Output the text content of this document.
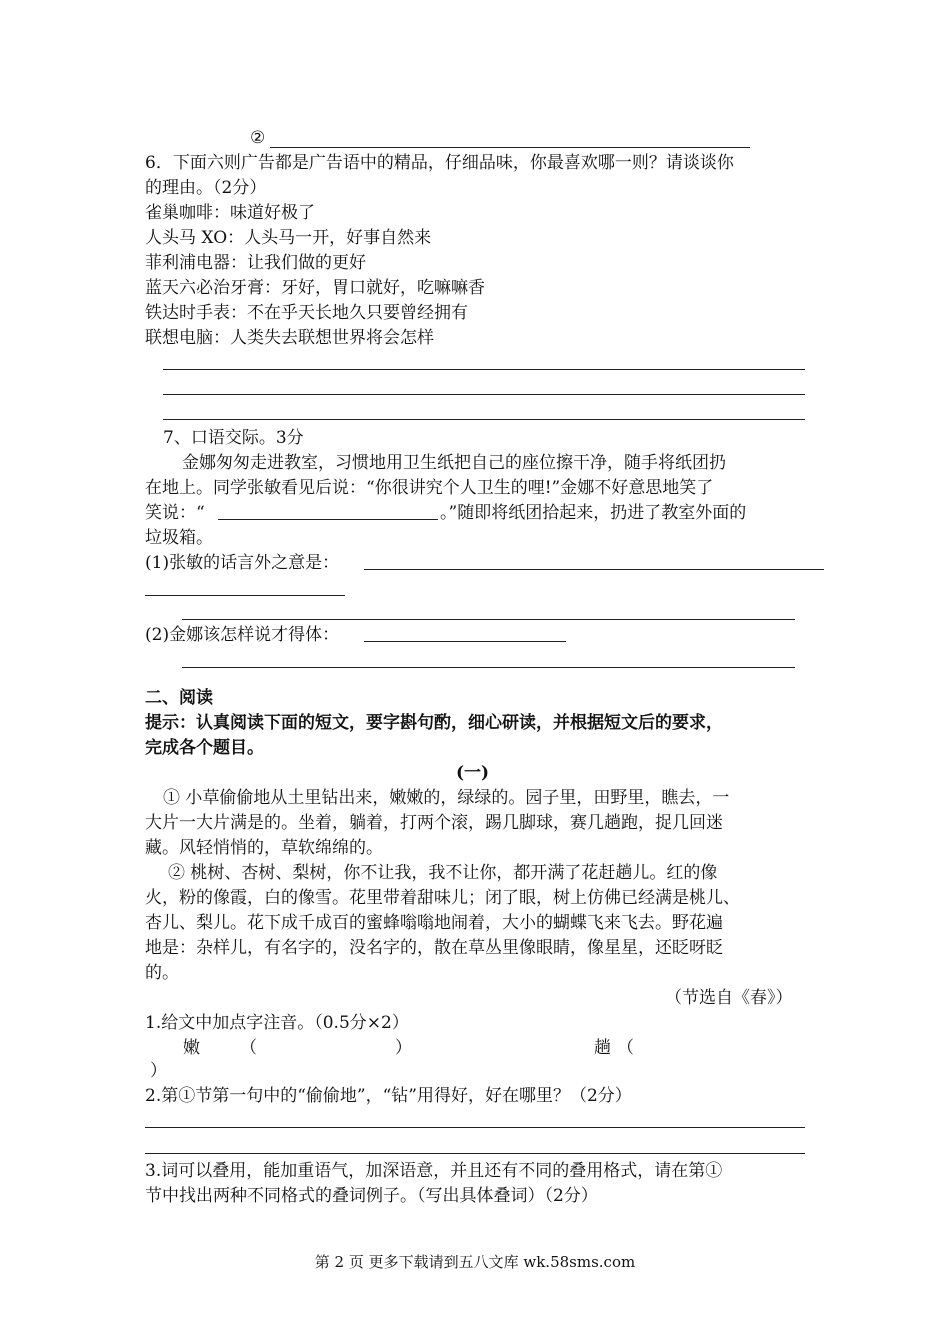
②
6．下面六则广告都是广告语中的精品，仔细品味，你最喜欢哪一则？请谈谈你
的理由。（2分）
雀巢咖啡：味道好极了
人头马 XO：人头马一开，好事自然来
菲利浦电器：让我们做的更好
蓝天六必治牙膏：牙好，胃口就好，吃嘛嘛香
铁达时手表：不在乎天长地久只要曾经拥有
联想电脑：人类失去联想世界将会怎样
7、口语交际。3分
金娜匆匆走进教室，习惯地用卫生纸把自己的座位擦干净，随手将纸团扔
在地上。同学张敏看见后说：“你很讲究个人卫生的哩!”金娜不好意思地笑了
笑说：“	。”随即将纸团拾起来，扔进了教室外面的
垃圾箱。
(1)张敏的话言外之意是：
(2)金娜该怎样说才得体：
二、阅读
提示：认真阅读下面的短文，要字斟句酌，细心研读，并根据短文后的要求，
完成各个题目。
(一)
① 小草偷偷地从土里钻出来，嫩嫩的，绿绿的。园子里，田野里，瞧去，一
大片一大片满是的。坐着，躺着，打两个滚，踢几脚球，赛几趟跑，捉几回迷
藏。风轻悄悄的，草软绵绵的。
② 桃树、杏树、梨树，你不让我，我不让你，都开满了花赶趟儿。红的像
火，粉的像霞，白的像雪。花里带着甜味儿；闭了眼，树上仿佛已经满是桃儿、
杏儿、梨儿。花下成千成百的蜜蜂嗡嗡地闹着，大小的蝴蝶飞来飞去。野花遍
地是：杂样儿，有名字的，没名字的，散在草丛里像眼睛，像星星，还眨呀眨
的。
（节选自《春》）
1.给文中加点字注音。（0.5分×2）
嫩 （	）	趟 （
）
2.第①节第一句中的“偷偷地”，“钻”用得好，好在哪里？（2分）
3.词可以叠用，能加重语气，加深语意，并且还有不同的叠用格式，请在第①
节中找出两种不同格式的叠词例子。（写出具体叠词）（2分）
第 2 页 更多下载请到五八文库 wk.58sms.com
